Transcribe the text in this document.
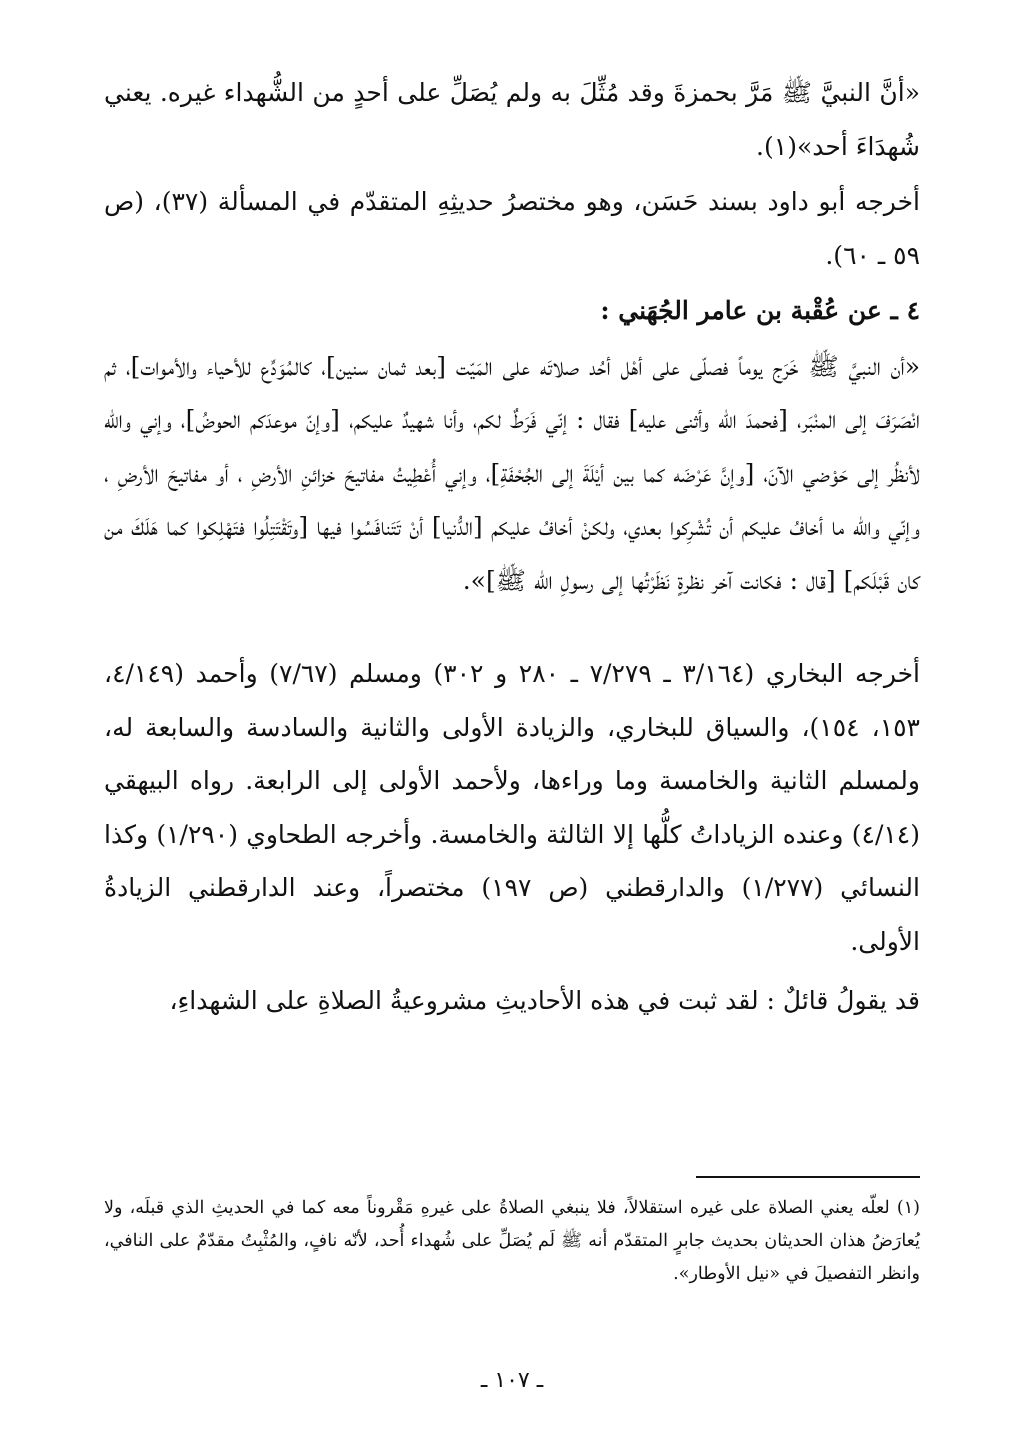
«أنَّ النبيَّ ﷺ مَرَّ بحمزةَ وقد مُثِّلَ به ولم يُصَلِّ على أحدٍ من الشُّهداء غيره. يعني شُهدَاءَ أحد»(١).

أخرجه أبو داود بسند حَسَن، وهو مختصرُ حديثِهِ المتقدّم في المسألة (٣٧)، (ص ٥٩ ـ ٦٠).

٤ ـ عن عُقْبة بن عامر الجُهَني :

«أن النبيَّ ﷺ خَرَج يوماً فصلّى على أهْل أحُد صلاتَه على المَيّت [بعد ثمان سنين]، كالمُوَدِّع للأحياء والأموات]، ثم انْصَرَفَ إلى المنْبَر، [فحمدَ الله وأثنى عليه] فقال : إنّي فَرَطٌ لكم، وأنا شهيدٌ عليكم، [وإنّ موعدَكم الحوضُ]، وإني والله لأنظُر إلى حَوْضي الآنَ، [وإنَّ عَرْضَه كما بين أيْلَةَ إلى الجُحْفَةِ]، وإني أُعْطِيتُ مفاتيحَ خزائنِ الأرضِ ، أو مفاتيحَ الأرضِ ، وإنّي والله ما أخافُ عليكم أن تُشْرِكوا بعدي، ولكنْ أخافُ عليكم [الدُّنيا] أنْ تَتَنافَسُوا فيها [وتَقْتَتِلُوا فتَهْلِكوا كما هَلَكَ من كان قَبْلَكم] [قال : فكانت آخر نظرةٍ نَظَرْتُها إلى رسولِ الله ﷺ]».

أخرجه البخاري (٣/١٦٤ ـ ٧/٢٧٩ ـ ٢٨٠ و ٣٠٢) ومسلم (٧/٦٧) وأحمد (٤/١٤٩، ١٥٣، ١٥٤)، والسياق للبخاري، والزيادة الأولى والثانية والسادسة والسابعة له، ولمسلم الثانية والخامسة وما وراءها، ولأحمد الأولى إلى الرابعة. رواه البيهقي (٤/١٤) وعنده الزياداتُ كلُّها إلا الثالثة والخامسة. وأخرجه الطحاوي (١/٢٩٠) وكذا النسائي (١/٢٧٧) والدارقطني (ص ١٩٧) مختصراً، وعند الدارقطني الزيادةُ الأولى.

قد يقولُ قائلٌ : لقد ثبت في هذه الأحاديثِ مشروعيةُ الصلاةِ على الشهداءِ،

(١) لعلّه يعني الصلاة على غيره استقلالاً، فلا ينبغي الصلاةُ على غيرهِ مَقْروناً معه كما في الحديثِ الذي قبلَه، ولا يُعارَضُ هذان الحديثان بحديث جابرٍ المتقدّم أنه ﷺ لَم يُصَلِّ على شُهداء أُحد، لأنّه نافٍ، والمُثْبِتُ مقدّمٌ على النافي، وانظر التفصيلَ في «نيل الأوطار».

ـ ١٠٧ ـ
